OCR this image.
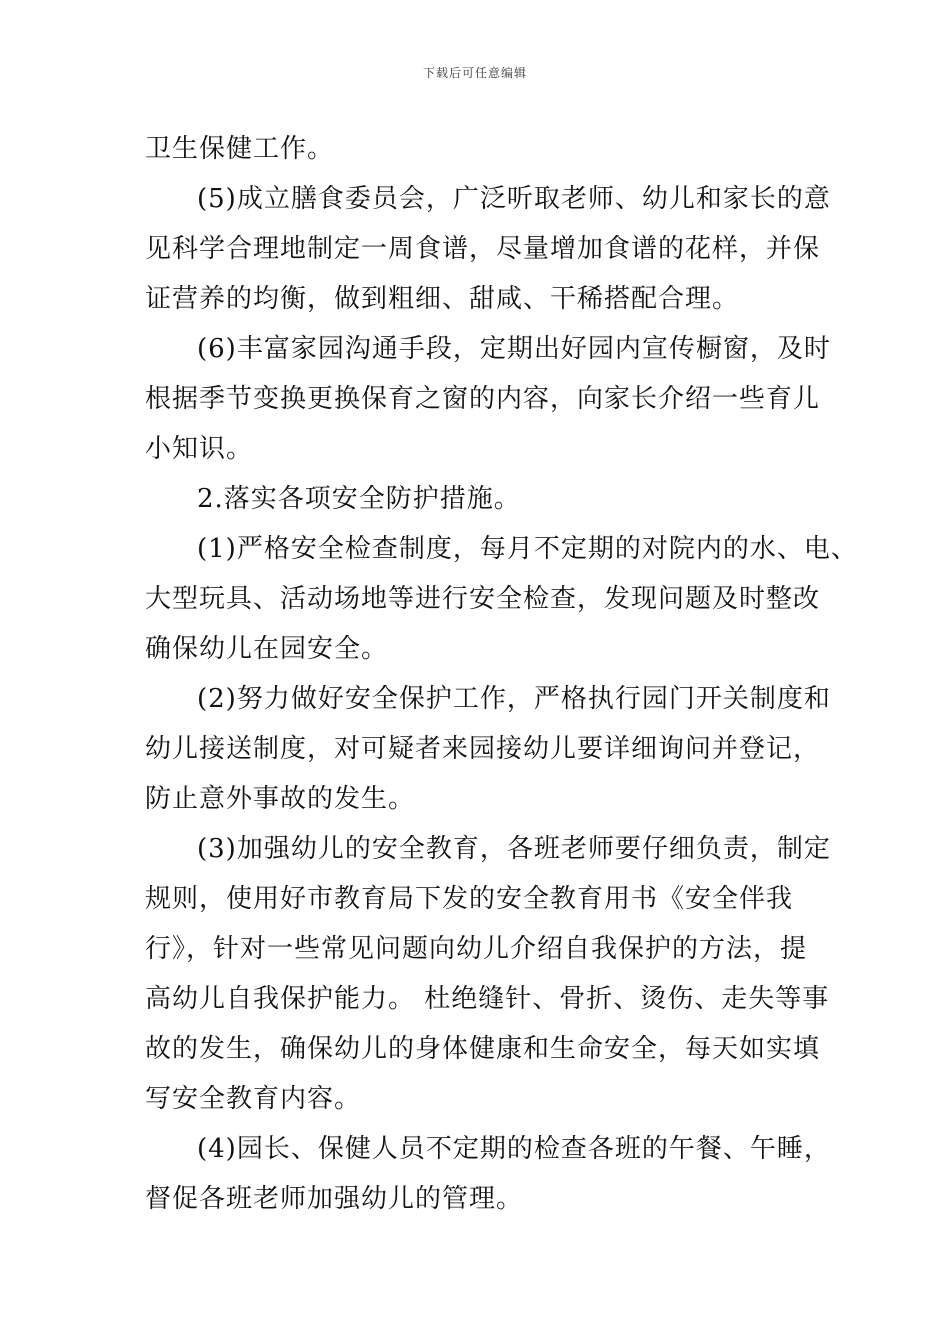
下载后可任意编辑
卫生保健工作。
(5)成立膳食委员会，广泛听取老师、幼儿和家长的意
见科学合理地制定一周食谱，尽量增加食谱的花样，并保
证营养的均衡，做到粗细、甜咸、干稀搭配合理。
(6)丰富家园沟通手段，定期出好园内宣传橱窗，及时
根据季节变换更换保育之窗的内容，向家长介绍一些育儿
小知识。
2.落实各项安全防护措施。
(1)严格安全检查制度，每月不定期的对院内的水、电、
大型玩具、活动场地等进行安全检查，发现问题及时整改
确保幼儿在园安全。
(2)努力做好安全保护工作，严格执行园门开关制度和
幼儿接送制度，对可疑者来园接幼儿要详细询问并登记，
防止意外事故的发生。
(3)加强幼儿的安全教育，各班老师要仔细负责，制定
规则，使用好市教育局下发的安全教育用书《安全伴我
行》，针对一些常见问题向幼儿介绍自我保护的方法，提
高幼儿自我保护能力。 杜绝缝针、骨折、烫伤、走失等事
故的发生，确保幼儿的身体健康和生命安全，每天如实填
写安全教育内容。
(4)园长、保健人员不定期的检查各班的午餐、午睡，
督促各班老师加强幼儿的管理。
